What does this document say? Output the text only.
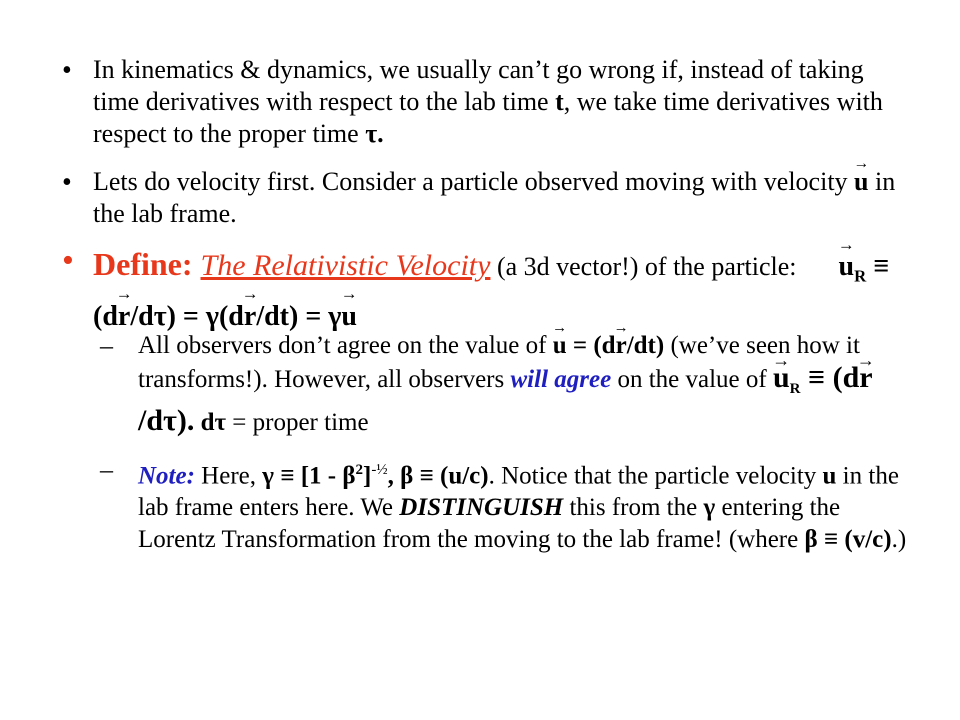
• In kinematics & dynamics, we usually can’t go wrong if, instead of taking time derivatives with respect to the lab time t, we take time derivatives with respect to the proper time τ.
• Lets do velocity first. Consider a particle observed moving with velocity → u in the lab frame.
• Define: The Relativistic Velocity (a 3d vector!) of the particle:→ $u_R \equiv (d\to r/d\tau) = \gamma(d\to r/dt) = \gamma\to u$
– All observers don’t agree on the value of → u = (d→ r/dt) (we’ve seen how it transforms!). However, all observers will agree on the value of → $u_R \equiv (d\to r/d\tau)$. dτ = proper time
– Note: Here, $\gamma \equiv [1 - \beta^2]^{-\frac{1}{2}}$, β ≡ (u/c). Notice that the particle velocity u in the lab frame enters here. We DISTINGUISH this from the γ entering the Lorentz Transformation from the moving to the lab frame! (where β ≡ (v/c).)
